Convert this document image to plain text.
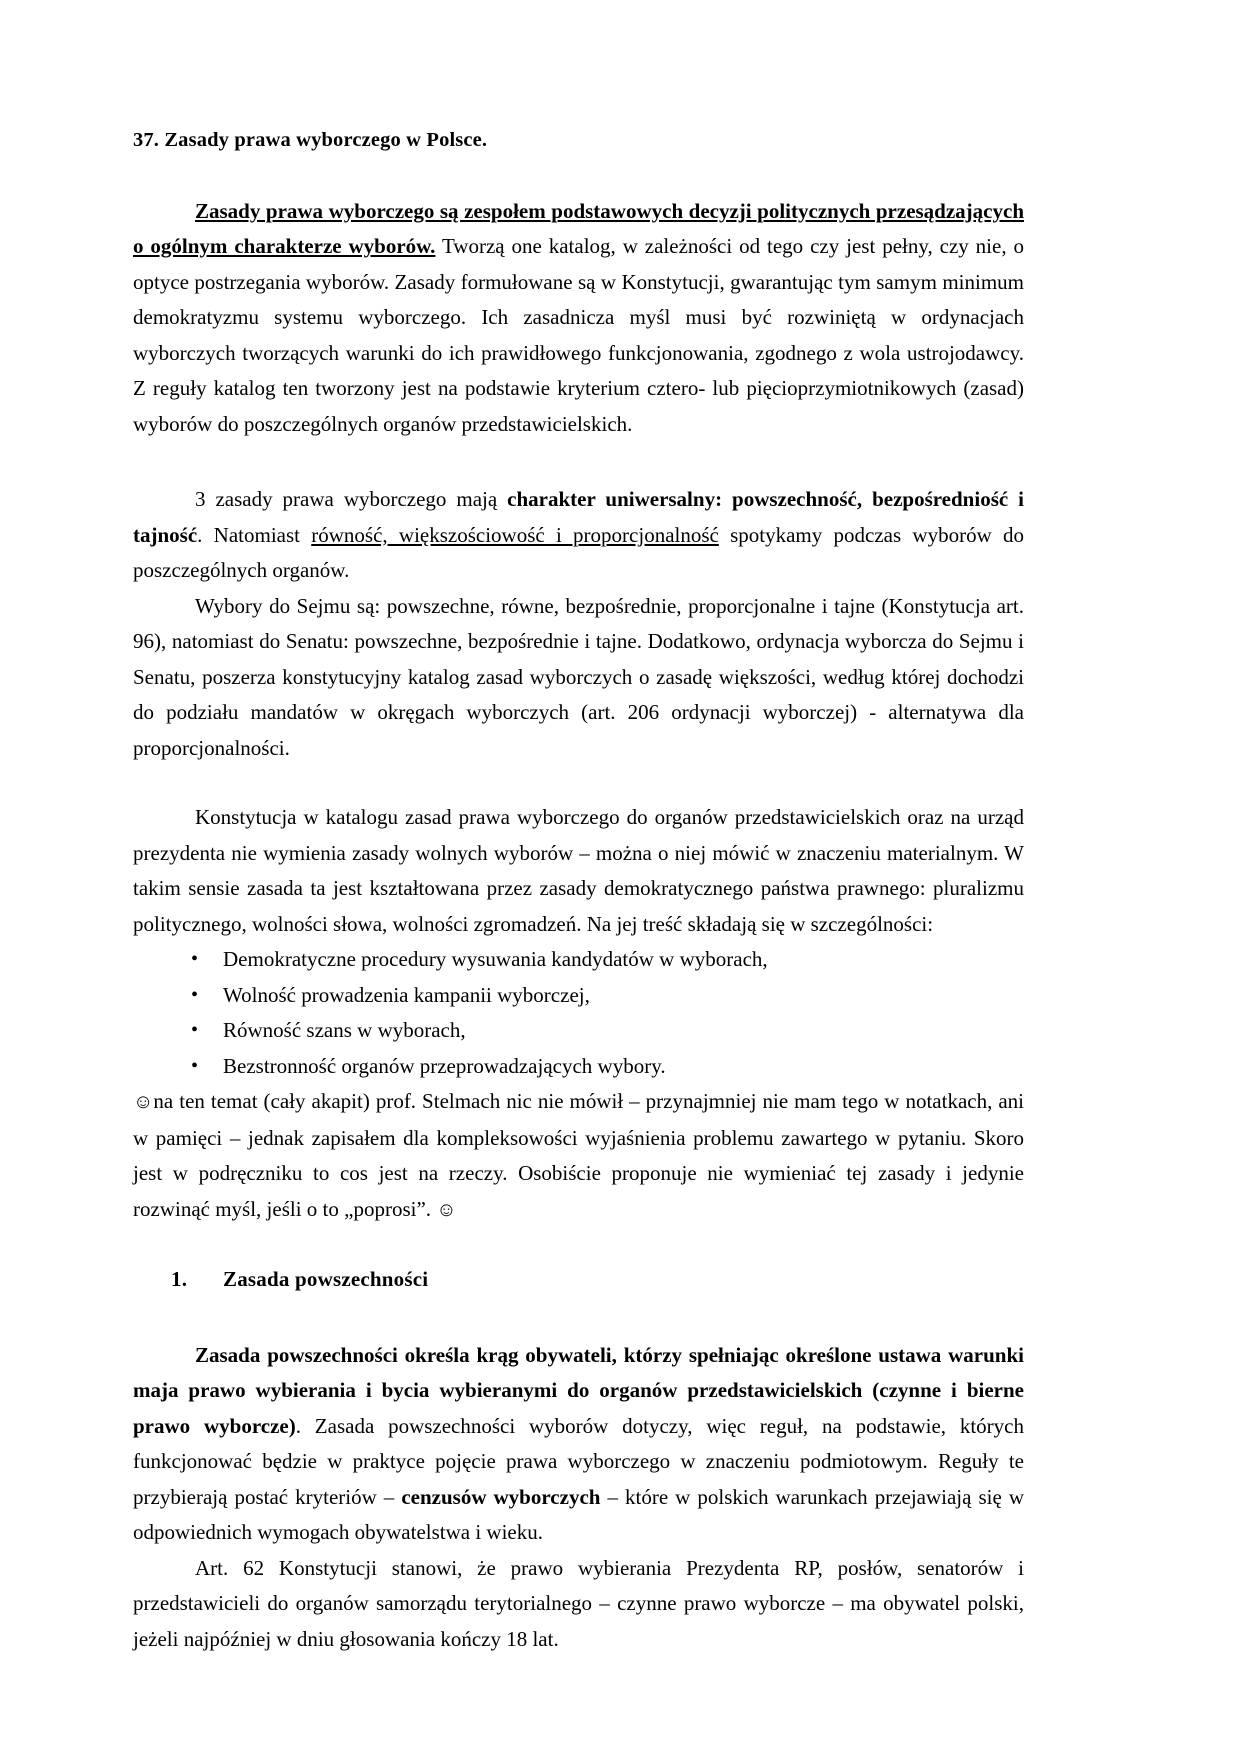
37. Zasady prawa wyborczego w Polsce.

Zasady prawa wyborczego są zespołem podstawowych decyzji politycznych przesądzających o ogólnym charakterze wyborów. Tworzą one katalog, w zależności od tego czy jest pełny, czy nie, o optyce postrzegania wyborów. Zasady formułowane są w Konstytucji, gwarantując tym samym minimum demokratyzmu systemu wyborczego. Ich zasadnicza myśl musi być rozwiniętą w ordynacjach wyborczych tworzących warunki do ich prawidłowego funkcjonowania, zgodnego z wola ustrojodawcy. Z reguły katalog ten tworzony jest na podstawie kryterium cztero- lub pięcioprzymiotnikowych (zasad) wyborów do poszczególnych organów przedstawicielskich.

3 zasady prawa wyborczego mają charakter uniwersalny: powszechność, bezpośredniość i tajność. Natomiast równość, większościowość i proporcjonalność spotykamy podczas wyborów do poszczególnych organów.

Wybory do Sejmu są: powszechne, równe, bezpośrednie, proporcjonalne i tajne (Konstytucja art. 96), natomiast do Senatu: powszechne, bezpośrednie i tajne. Dodatkowo, ordynacja wyborcza do Sejmu i Senatu, poszerza konstytucyjny katalog zasad wyborczych o zasadę większości, według której dochodzi do podziału mandatów w okręgach wyborczych (art. 206 ordynacji wyborczej) - alternatywa dla proporcjonalności.

Konstytucja w katalogu zasad prawa wyborczego do organów przedstawicielskich oraz na urząd prezydenta nie wymienia zasady wolnych wyborów – można o niej mówić w znaczeniu materialnym. W takim sensie zasada ta jest kształtowana przez zasady demokratycznego państwa prawnego: pluralizmu politycznego, wolności słowa, wolności zgromadzeń. Na jej treść składają się w szczególności:

• Demokratyczne procedury wysuwania kandydatów w wyborach,
• Wolność prowadzenia kampanii wyborczej,
• Równość szans w wyborach,
• Bezstronność organów przeprowadzających wybory.

☺na ten temat (cały akapit) prof. Stelmach nic nie mówił – przynajmniej nie mam tego w notatkach, ani w pamięci – jednak zapisałem dla kompleksowości wyjaśnienia problemu zawartego w pytaniu. Skoro jest w podręczniku to cos jest na rzeczy. Osobiście proponuje nie wymieniać tej zasady i jedynie rozwinąć myśl, jeśli o to „poprosi”. ☺

1. Zasada powszechności

Zasada powszechności określa krąg obywateli, którzy spełniając określone ustawa warunki maja prawo wybierania i bycia wybieranymi do organów przedstawicielskich (czynne i bierne prawo wyborcze). Zasada powszechności wyborów dotyczy, więc reguł, na podstawie, których funkcjonować będzie w praktyce pojęcie prawa wyborczego w znaczeniu podmiotowym. Reguły te przybierają postać kryteriów – cenzusów wyborczych – które w polskich warunkach przejawiają się w odpowiednich wymogach obywatelstwa i wieku.

Art. 62 Konstytucji stanowi, że prawo wybierania Prezydenta RP, posłów, senatorów i przedstawicieli do organów samorządu terytorialnego – czynne prawo wyborcze – ma obywatel polski, jeżeli najpóźniej w dniu głosowania kończy 18 lat.
